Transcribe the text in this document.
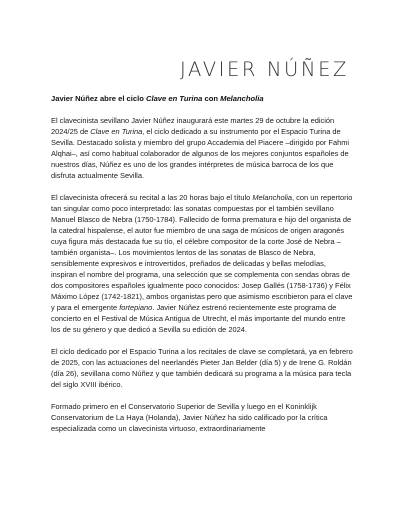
JAVIER NÚÑEZ
Javier Núñez abre el ciclo Clave en Turina con Melancholia

El clavecinista sevillano Javier Núñez inaugurará este martes 29 de octubre la edición 2024/25 de Clave en Turina, el ciclo dedicado a su instrumento por el Espacio Turina de Sevilla. Destacado solista y miembro del grupo Accademia del Piacere –dirigido por Fahmi Alqhai–, así como habitual colaborador de algunos de los mejores conjuntos españoles de nuestros días, Núñez es uno de los grandes intérpretes de música barroca de los que disfruta actualmente Sevilla.

El clavecinista ofrecerá su recital a las 20 horas bajo el título Melancholia, con un repertorio tan singular como poco interpretado: las sonatas compuestas por el también sevillano Manuel Blasco de Nebra (1750-1784). Fallecido de forma prematura e hijo del organista de la catedral hispalense, el autor fue miembro de una saga de músicos de origen aragonés cuya figura más destacada fue su tío, el célebre compositor de la corte José de Nebra –también organista–. Los movimientos lentos de las sonatas de Blasco de Nebra, sensiblemente expresivos e introvertidos, preñados de delicadas y bellas melodías, inspiran el nombre del programa, una selección que se complementa con sendas obras de dos compositores españoles igualmente poco conocidos: Josep Gallés (1758-1736) y Félix Máximo López (1742-1821), ambos organistas pero que asimismo escribieron para el clave y para el emergente fortepiano. Javier Núñez estrenó recientemente este programa de concierto en el Festival de Música Antigua de Utrecht, el más importante del mundo entre los de su género y que dedicó a Sevilla su edición de 2024.

El ciclo dedicado por el Espacio Turina a los recitales de clave se completará, ya en febrero de 2025, con las actuaciones del neerlandés Pieter Jan Belder (día 5) y de Irene G. Roldán (día 26), sevillana como Núñez y que también dedicará su programa a la música para tecla del siglo XVIII ibérico.

Formado primero en el Conservatorio Superior de Sevilla y luego en el Koninklijk Conservatorium de La Haya (Holanda), Javier Núñez ha sido calificado por la crítica especializada como un clavecinista virtuoso, extraordinariamente
